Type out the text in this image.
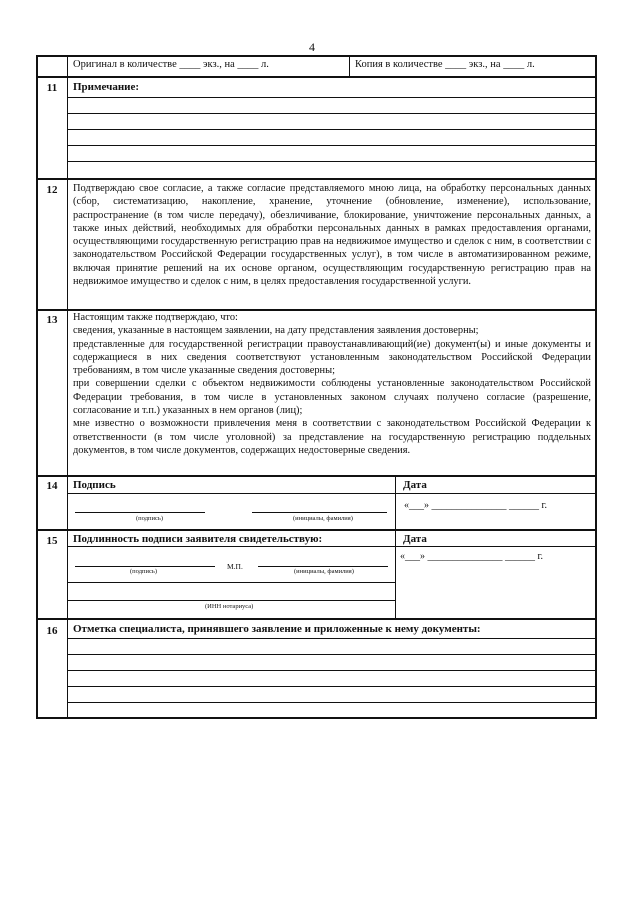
4
Оригинал в количестве ____ экз., на ____ л.	Копия в количестве ____ экз., на ____ л.
11	Примечание:
12	Подтверждаю свое согласие, а также согласие представляемого мною лица, на обработку персональных данных (сбор, систематизацию, накопление, хранение, уточнение (обновление, изменение), использование, распространение (в том числе передачу), обезличивание, блокирование, уничтожение персональных данных, а также иных действий, необходимых для обработки персональных данных в рамках предоставления органами, осуществляющими государственную регистрацию прав на недвижимое имущество и сделок с ним, в соответствии с законодательством Российской Федерации государственных услуг), в том числе в автоматизированном режиме, включая принятие решений на их основе органом, осуществляющим государственную регистрацию прав на недвижимое имущество и сделок с ним, в целях предоставления государственной услуги.
13	Настоящим также подтверждаю, что:

сведения, указанные в настоящем заявлении, на дату представления заявления достоверны;

представленные для государственной регистрации правоустанавливающий(ие) документ(ы) и иные документы и содержащиеся в них сведения соответствуют установленным законодательством Российской Федерации требованиям, в том числе указанные сведения достоверны;

при совершении сделки с объектом недвижимости соблюдены установленные законодательством Российской Федерации требования, в том числе в установленных законом случаях получено согласие (разрешение, согласование и т.п.) указанных в нем органов (лиц);

мне известно о возможности привлечения меня в соответствии с законодательством Российской Федерации к ответственности (в том числе уголовной) за представление на государственную регистрацию поддельных документов, в том числе документов, содержащих недостоверные сведения.

14	Подпись	Дата
(подпись)	(инициалы, фамилия)
«___» _______________ ______ г.
15	Подлинность подписи заявителя свидетельствую:	Дата
(подпись)
М.П.
(инициалы, фамилия)
(ИНН нотариуса)
«___» _______________ ______ г.
16	Отметка специалиста, принявшего заявление и приложенные к нему документы:
